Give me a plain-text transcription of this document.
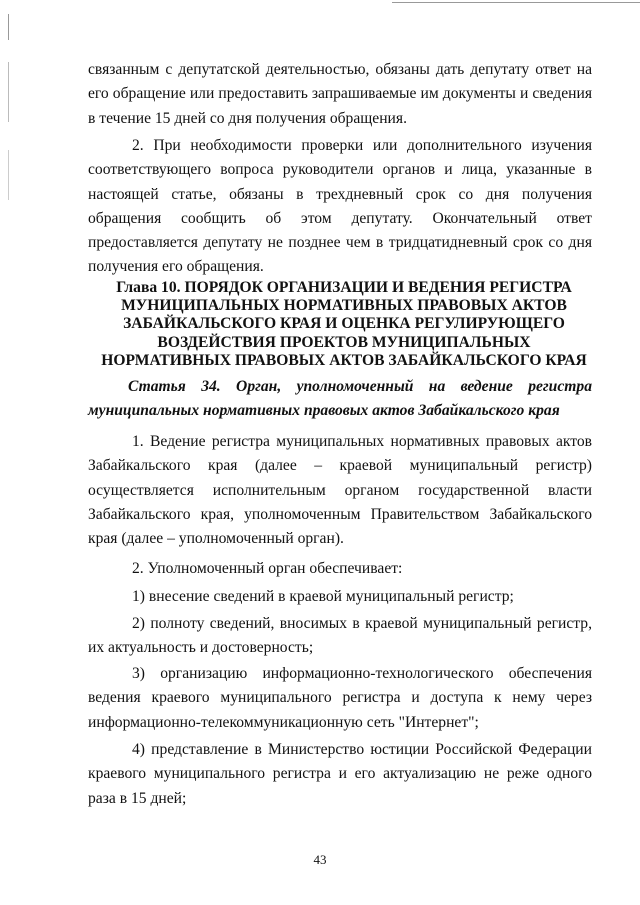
связанным с депутатской деятельностью, обязаны дать депутату ответ на его обращение или предоставить запрашиваемые им документы и сведения в течение 15 дней со дня получения обращения.

2. При необходимости проверки или дополнительного изучения соответствующего вопроса руководители органов и лица, указанные в настоящей статье, обязаны в трехдневный срок со дня получения обращения сообщить об этом депутату. Окончательный ответ предоставляется депутату не позднее чем в тридцатидневный срок со дня получения его обращения.

Глава 10. ПОРЯДОК ОРГАНИЗАЦИИ И ВЕДЕНИЯ РЕГИСТРА
МУНИЦИПАЛЬНЫХ НОРМАТИВНЫХ ПРАВОВЫХ АКТОВ
ЗАБАЙКАЛЬСКОГО КРАЯ И ОЦЕНКА РЕГУЛИРУЮЩЕГО
ВОЗДЕЙСТВИЯ ПРОЕКТОВ МУНИЦИПАЛЬНЫХ
НОРМАТИВНЫХ ПРАВОВЫХ АКТОВ ЗАБАЙКАЛЬСКОГО КРАЯ
Статья 34. Орган, уполномоченный на ведение регистра
муниципальных нормативных правовых актов Забайкальского края

1. Ведение регистра муниципальных нормативных правовых актов Забайкальского края (далее – краевой муниципальный регистр) осуществляется исполнительным органом государственной власти Забайкальского края, уполномоченным Правительством Забайкальского края (далее – уполномоченный орган).

2. Уполномоченный орган обеспечивает:

1) внесение сведений в краевой муниципальный регистр;

2) полноту сведений, вносимых в краевой муниципальный регистр, их актуальность и достоверность;

3) организацию информационно-технологического обеспечения ведения краевого муниципального регистра и доступа к нему через информационно-телекоммуникационную сеть "Интернет";

4) представление в Министерство юстиции Российской Федерации краевого муниципального регистра и его актуализацию не реже одного раза в 15 дней;

43
